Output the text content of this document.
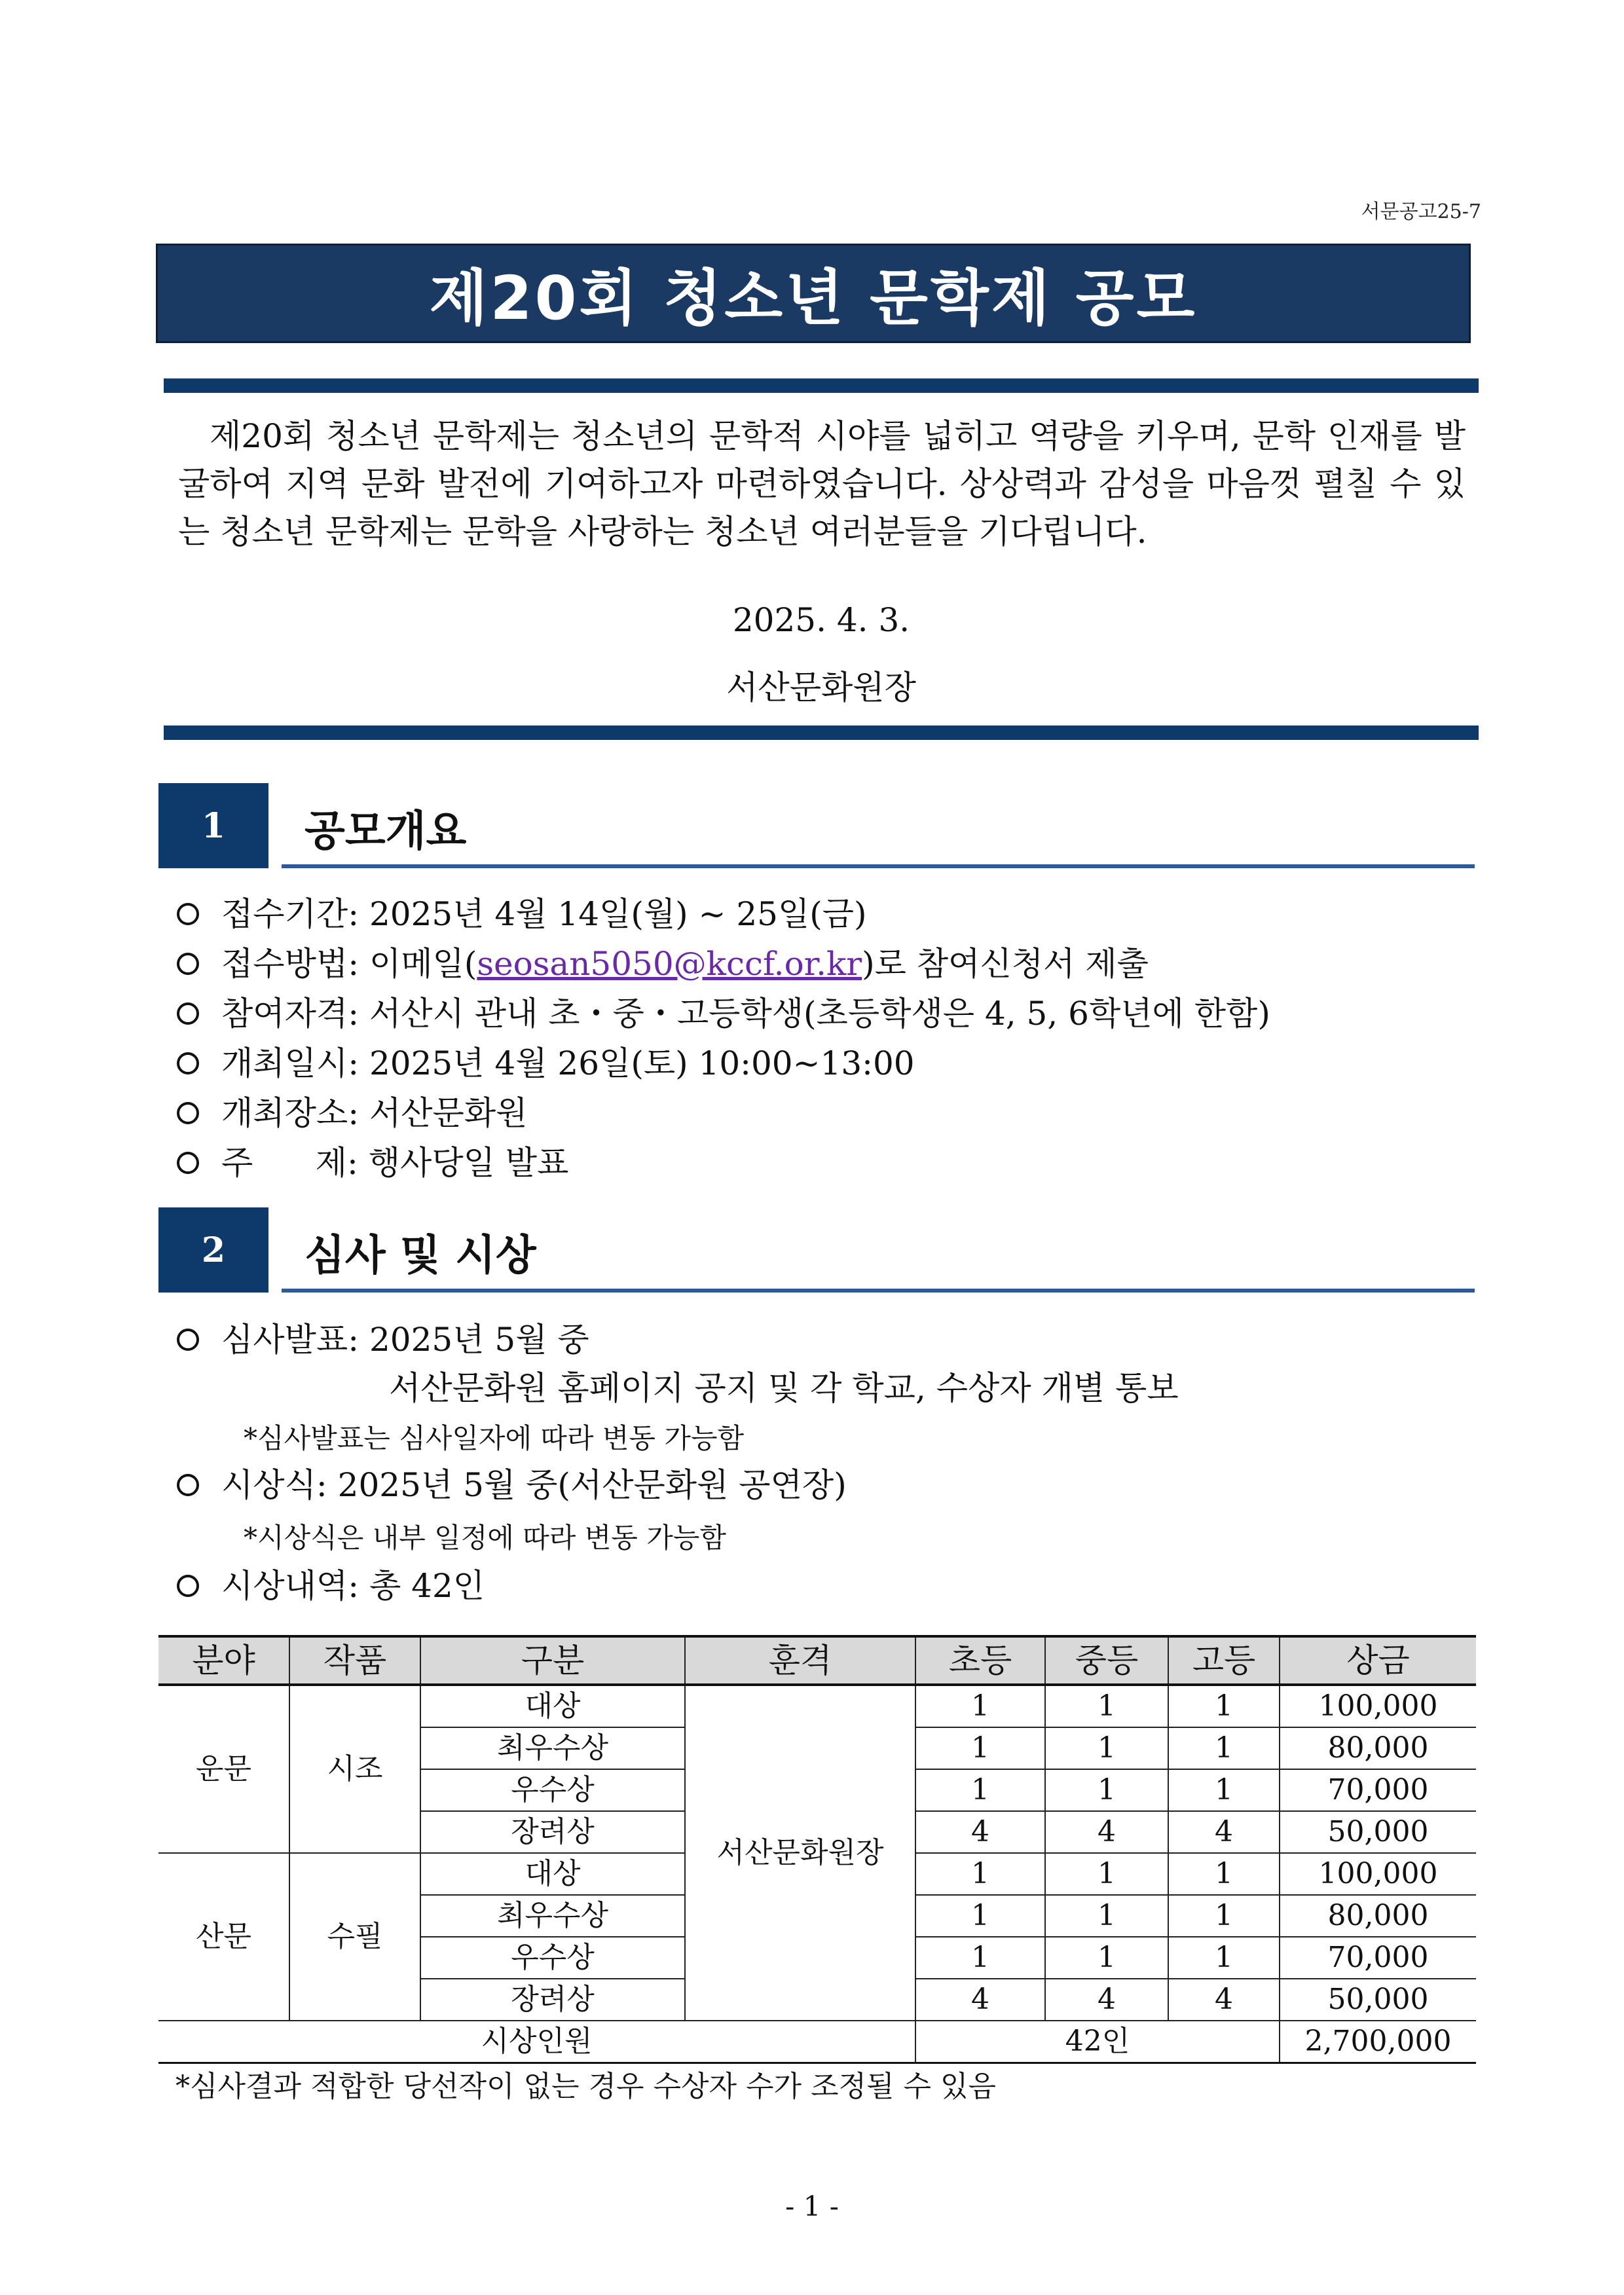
서문공고25-7
제20회 청소년 문학제 공모
제20회 청소년 문학제는 청소년의 문학적 시야를 넓히고 역량을 키우며, 문학 인재를 발굴하여 지역 문화 발전에 기여하고자 마련하였습니다. 상상력과 감성을 마음껏 펼칠 수 있는 청소년 문학제는 문학을 사랑하는 청소년 여러분들을 기다립니다.
2025. 4. 3.
서산문화원장
1	공모개요
접수기간: 2025년 4월 14일(월) ~ 25일(금)
접수방법: 이메일(seosan5050@kccf.or.kr)로 참여신청서 제출
참여자격: 서산시 관내 초・중・고등학생(초등학생은 4, 5, 6학년에 한함)
개최일시: 2025년 4월 26일(토) 10:00~13:00
개최장소: 서산문화원
주      제: 행사당일 발표
2	심사 및 시상
심사발표: 2025년 5월 중
서산문화원 홈페이지 공지 및 각 학교, 수상자 개별 통보
*심사발표는 심사일자에 따라 변동 가능함
시상식: 2025년 5월 중(서산문화원 공연장)
*시상식은 내부 일정에 따라 변동 가능함
시상내역: 총 42인
분야	작품	구분	훈격	초등	중등	고등	상금
운문	시조	대상	서산문화원장	1	1	1	100,000
		최우수상		1	1	1	80,000
		우수상		1	1	1	70,000
		장려상		4	4	4	50,000
산문	수필	대상		1	1	1	100,000
		최우수상		1	1	1	80,000
		우수상		1	1	1	70,000
		장려상		4	4	4	50,000
시상인원				42인			2,700,000
*심사결과 적합한 당선작이 없는 경우 수상자 수가 조정될 수 있음
- 1 -
